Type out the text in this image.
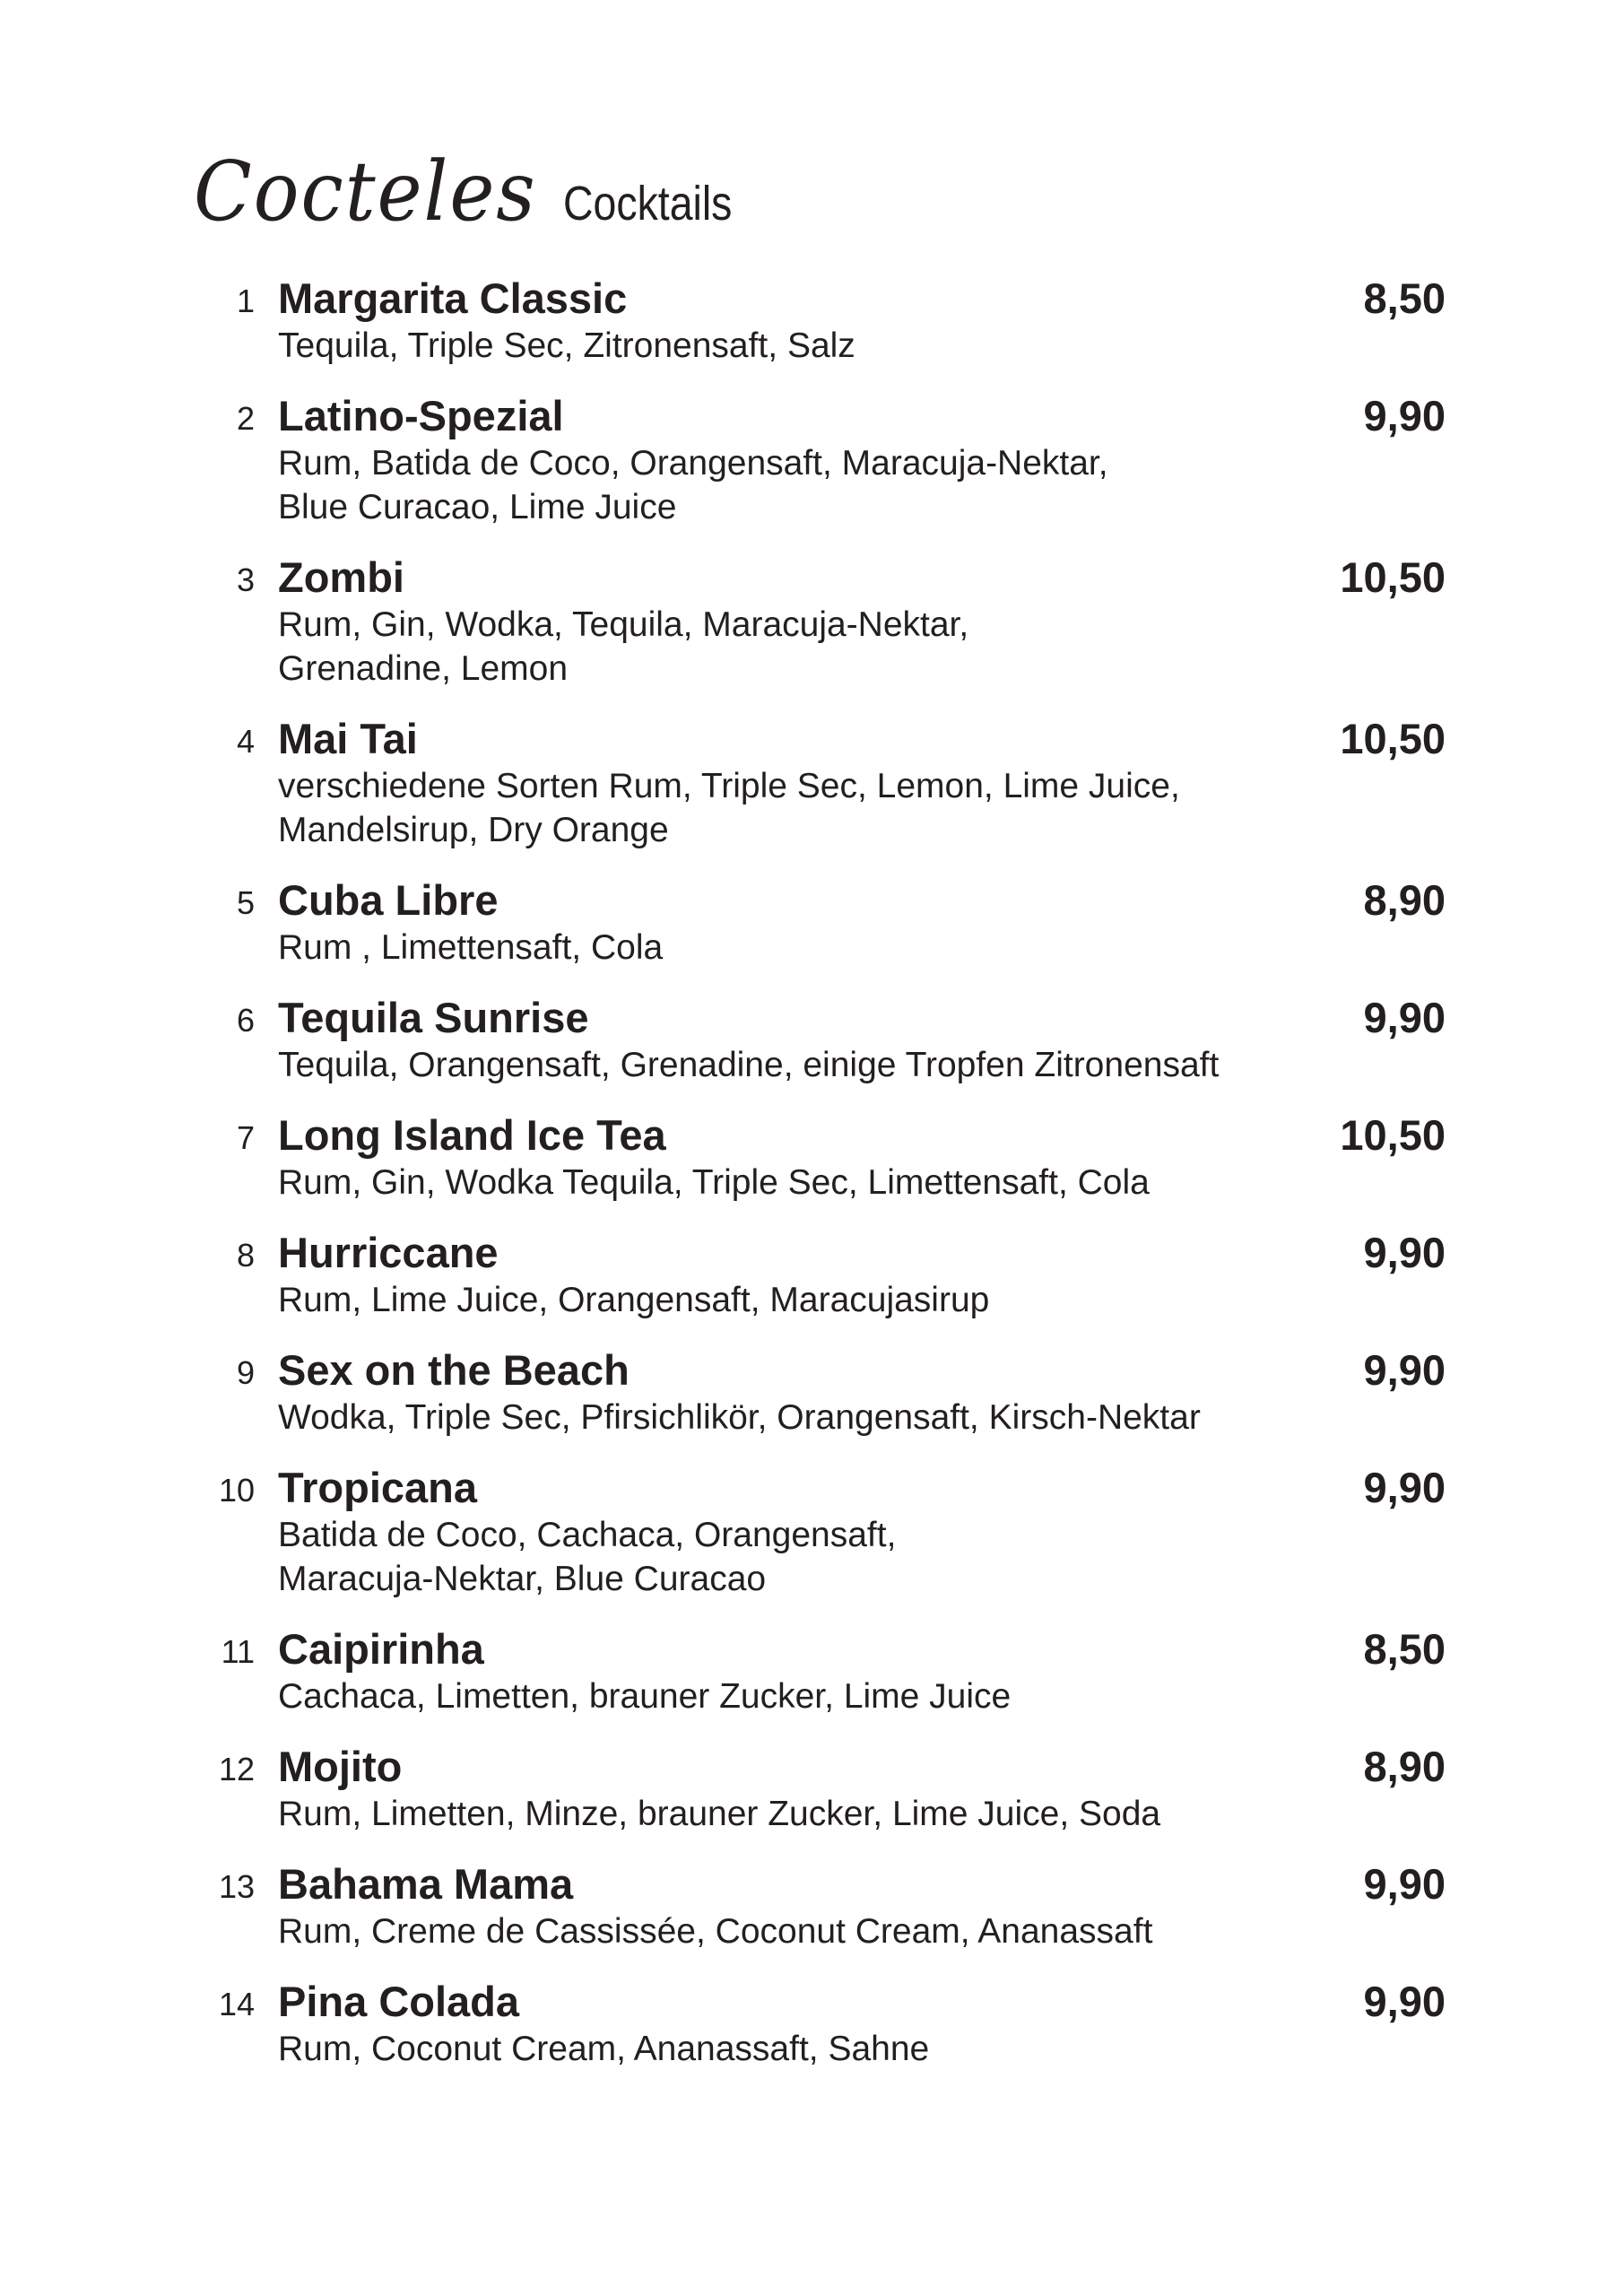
Cocteles Cocktails
1 Margarita Classic	8,50
Tequila, Triple Sec, Zitronensaft, Salz
2 Latino-Spezial	9,90
Rum, Batida de Coco, Orangensaft, Maracuja-Nektar,
Blue Curacao, Lime Juice
3 Zombi	10,50
Rum, Gin, Wodka, Tequila, Maracuja-Nektar,
Grenadine, Lemon
4 Mai Tai	10,50
verschiedene Sorten Rum, Triple Sec, Lemon, Lime Juice,
Mandelsirup, Dry Orange
5 Cuba Libre	8,90
Rum , Limettensaft, Cola
6 Tequila Sunrise	9,90
Tequila, Orangensaft, Grenadine, einige Tropfen Zitronensaft
7 Long Island Ice Tea	10,50
Rum, Gin, Wodka Tequila, Triple Sec, Limettensaft, Cola
8 Hurriccane	9,90
Rum, Lime Juice, Orangensaft, Maracujasirup
9 Sex on the Beach	9,90
Wodka, Triple Sec, Pfirsichlikör, Orangensaft, Kirsch-Nektar
10 Tropicana	9,90
Batida de Coco, Cachaca, Orangensaft,
Maracuja-Nektar, Blue Curacao
11 Caipirinha	8,50
Cachaca, Limetten, brauner Zucker, Lime Juice
12 Mojito	8,90
Rum, Limetten, Minze, brauner Zucker, Lime Juice, Soda
13 Bahama Mama	9,90
Rum, Creme de Cassissée, Coconut Cream, Ananassaft
14 Pina Colada	9,90
Rum, Coconut Cream, Ananassaft, Sahne
